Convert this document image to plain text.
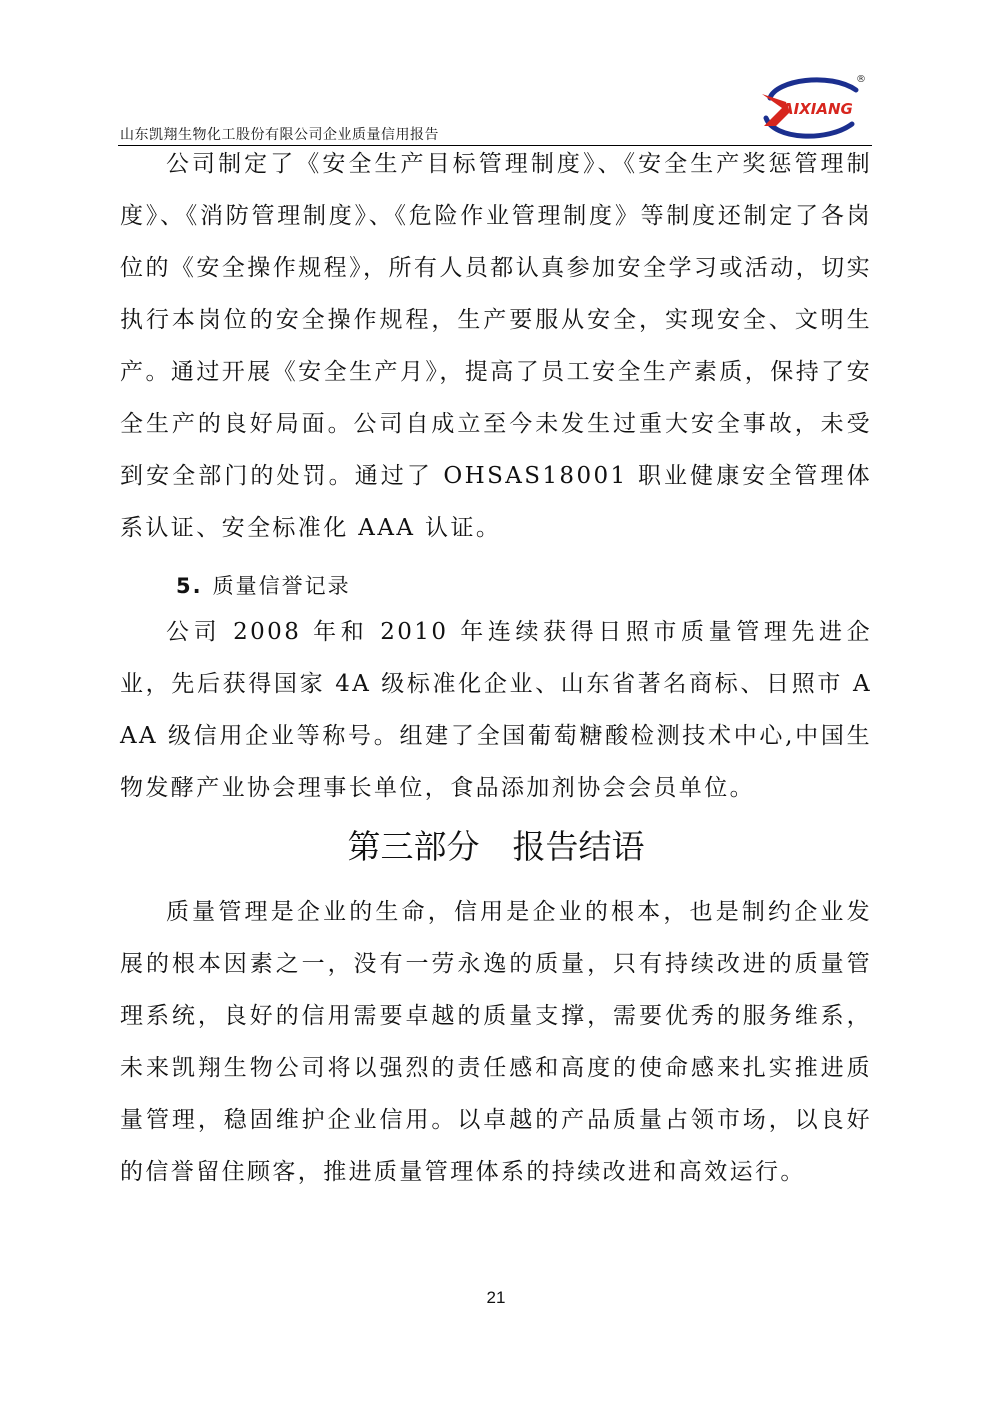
山东凯翔生物化工股份有限公司企业质量信用报告
AIXIANG
®

公司制定了《安全生产目标管理制度》、《安全生产奖惩管理制度》、《消防管理制度》、《危险作业管理制度》等制度还制定了各岗位的《安全操作规程》，所有人员都认真参加安全学习或活动，切实执行本岗位的安全操作规程，生产要服从安全，实现安全、文明生产。通过开展《安全生产月》，提高了员工安全生产素质，保持了安全生产的良好局面。公司自成立至今未发生过重大安全事故，未受到安全部门的处罚。通过了 OHSAS18001 职业健康安全管理体系认证、安全标准化 AAA 认证。

5. 质量信誉记录

公司 2008 年和 2010 年连续获得日照市质量管理先进企业，先后获得国家 4A 级标准化企业、山东省著名商标、日照市 AAA 级信用企业等称号。组建了全国葡萄糖酸检测技术中心,中国生物发酵产业协会理事长单位，食品添加剂协会会员单位。

第三部分　报告结语

质量管理是企业的生命，信用是企业的根本，也是制约企业发展的根本因素之一，没有一劳永逸的质量，只有持续改进的质量管理系统，良好的信用需要卓越的质量支撑，需要优秀的服务维系，未来凯翔生物公司将以强烈的责任感和高度的使命感来扎实推进质量管理，稳固维护企业信用。以卓越的产品质量占领市场，以良好的信誉留住顾客，推进质量管理体系的持续改进和高效运行。

21
